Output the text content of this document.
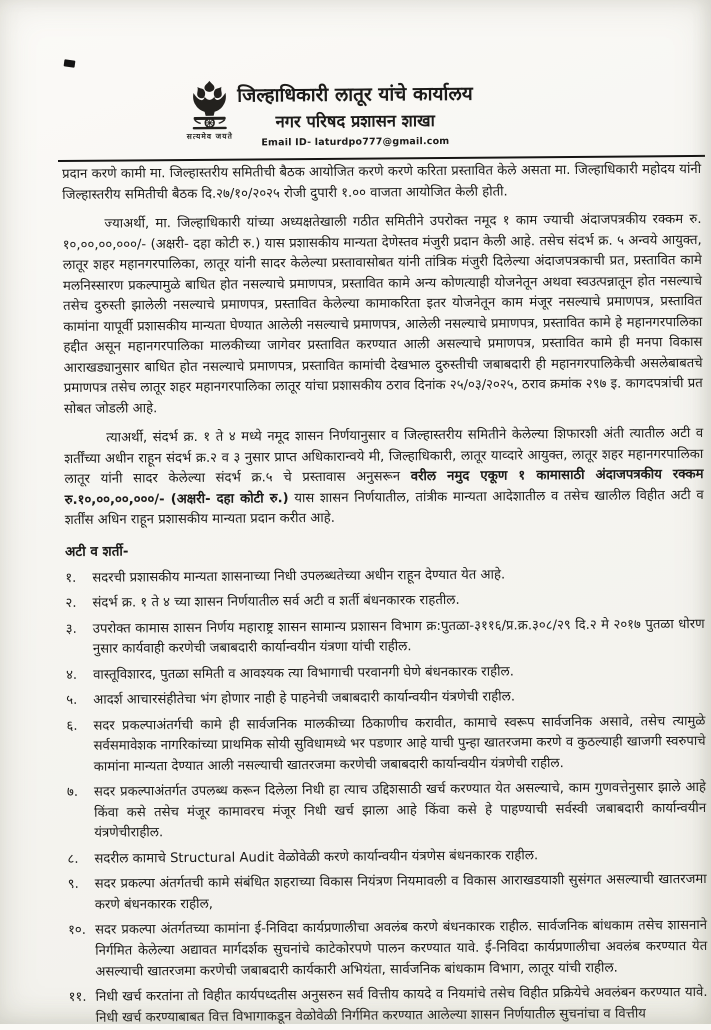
सत्यमेव जयते
जिल्हाधिकारी लातूर यांचे कार्यालय
नगर परिषद प्रशासन शाखा
Email ID- laturdpo777@gmail.com

प्रदान करणे कामी मा. जिल्हास्तरीय समितीची बैठक आयोजित करणे करणे करिता प्रस्तावित केले असता मा. जिल्हाधिकारी महोदय यांनी जिल्हास्तरीय समितीची बैठक दि.२७/१०/२०२५ रोजी दुपारी १.०० वाजता आयोजित केली होती.

ज्याअर्थी, मा. जिल्हाधिकारी यांच्या अध्यक्षतेखाली गठीत समितीने उपरोक्त नमूद १ काम ज्याची अंदाजपत्रकीय रक्कम रु. १०,००,००,०००/- (अक्षरी- दहा कोटी रु.) यास प्रशासकीय मान्यता देणेस्तव मंजुरी प्रदान केली आहे. तसेच संदर्भ क्र. ५ अन्वये आयुक्त, लातूर शहर महानगरपालिका, लातूर यांनी सादर केलेल्या प्रस्तावासोबत यांनी तांत्रिक मंजुरी दिलेल्या अंदाजपत्रकाची प्रत, प्रस्तावित कामे मलनिस्सारण प्रकल्पामुळे बाधित होत नसल्याचे प्रमाणपत्र, प्रस्तावित कामे अन्य कोणत्याही योजनेतून अथवा स्वउत्पन्नातून होत नसल्याचे तसेच दुरुस्ती झालेली नसल्याचे प्रमाणपत्र, प्रस्तावित केलेल्या कामाकरिता इतर योजनेतून काम मंजूर नसल्याचे प्रमाणपत्र, प्रस्तावित कामांना यापूर्वी प्रशासकीय मान्यता घेण्यात आलेली नसल्याचे प्रमाणपत्र, आलेली नसल्याचे प्रमाणपत्र, प्रस्तावित कामे हे महानगरपालिका हद्दीत असून महानगरपालिका मालकीच्या जागेवर प्रस्तावित करण्यात आली असल्याचे प्रमाणपत्र, प्रस्तावित कामे ही मनपा विकास आराखड्यानुसार बाधित होत नसल्याचे प्रमाणपत्र, प्रस्तावित कामांची देखभाल दुरुस्तीची जबाबदारी ही महानगरपालिकेची असलेबाबतचे प्रमाणपत्र तसेच लातूर शहर महानगरपालिका लातूर यांचा प्रशासकीय ठराव दिनांक २५/०३/२०२५, ठराव क्रमांक २९७ इ. कागदपत्रांची प्रत सोबत जोडली आहे.

त्याअर्थी, संदर्भ क्र. १ ते ४ मध्ये नमूद शासन निर्णयानुसार व जिल्हास्तरीय समितीने केलेल्या शिफारशी अंती त्यातील अटी व शर्तींच्या अधीन राहून संदर्भ क्र.२ व ३ नुसार प्राप्त अधिकारान्वये मी, जिल्हाधिकारी, लातूर याव्दारे आयुक्त, लातूर शहर महानगरपालिका लातूर यांनी सादर केलेल्या संदर्भ क्र.५ चे प्रस्तावास अनुसरून वरील नमुद एकूण १ कामासाठी अंदाजपत्रकीय रक्कम रु.१०,००,००,०००/- (अक्षरी- दहा कोटी रु.) यास शासन निर्णयातील, तांत्रीक मान्यता आदेशातील व तसेच खालील विहीत अटी व शर्तींस अधिन राहून प्रशासकीय मान्यता प्रदान करीत आहे.

अटी व शर्ती-
१.	सदरची प्रशासकीय मान्यता शासनाच्या निधी उपलब्धतेच्या अधीन राहून देण्यात येत आहे.
२.	संदर्भ क्र. १ ते ४ च्या शासन निर्णयातील सर्व अटी व शर्ती बंधनकारक राहतील.
३.	उपरोक्त कामास शासन निर्णय महाराष्ट्र शासन सामान्य प्रशासन विभाग क्र:पुतळा-३११६/प्र.क्र.३०८/२९ दि.२ मे २०१७ पुतळा धोरण नुसार कार्यवाही करणेची जबाबदारी कार्यान्वयीन यंत्रणा यांची राहील.
४.	वास्तूविशारद, पुतळा समिती व आवश्यक त्या विभागाची परवानगी घेणे बंधनकारक राहील.
५.	आदर्श आचारसंहीतेचा भंग होणार नाही हे पाहनेची जबाबदारी कार्यान्वयीन यंत्रणेची राहील.
६.	सदर प्रकल्पाअंतर्गची कामे ही सार्वजनिक मालकीच्या ठिकाणीच करावीत, कामाचे स्वरूप सार्वजनिक असावे, तसेच त्यामुळे सर्वसमावेशक नागरिकांच्या प्राथमिक सोयी सुविधामध्ये भर पडणार आहे याची पुन्हा खातरजमा करणे व कुठल्याही खाजगी स्वरुपाचे कामांना मान्यता देण्यात आली नसल्याची खातरजमा करणेची जबाबदारी कार्यान्वयीन यंत्रणेची राहील.
७.	सदर प्रकल्पाअंतर्गत उपलब्ध करून दिलेला निधी हा त्याच उद्दिशसाठी खर्च करण्यात येत असल्याचे, काम गुणवत्तेनुसार झाले आहे किंवा कसे तसेच मंजूर कामावरच मंजूर निधी खर्च झाला आहे किंवा कसे हे पाहण्याची सर्वस्वी जबाबदारी कार्यान्वयीन यंत्रणेचीराहील.
८.	सदरील कामाचे Structural Audit वेळोवेळी करणे कार्यान्वयीन यंत्रणेस बंधनकारक राहील.
९.	सदर प्रकल्पा अंतर्गतची कामे संबंधित शहराच्या विकास नियंत्रण नियमावली व विकास आराखडयाशी सुसंगत असल्याची खातरजमा करणे बंधनकारक राहील,
१०. सदर प्रकल्पा अंतर्गतच्या कामांना ई-निविदा कार्यप्रणालीचा अवलंब करणे बंधनकारक राहील. सार्वजनिक बांधकाम तसेच शासनाने निर्गमित केलेल्या अद्यावत मार्गदर्शक सुचनांचे काटेकोरपणे पालन करण्यात यावे. ई-निविदा कार्यप्रणालीचा अवलंब करण्यात येत असल्याची खातरजमा करणेची जबाबदारी कार्यकारी अभियंता, सार्वजनिक बांधकाम विभाग, लातूर यांची राहील.
११. निधी खर्च करतांना तो विहीत कार्यपध्दतीस अनुसरुन सर्व वित्तीय कायदे व नियमांचे तसेच विहीत प्रक्रियेचे अवलंबन करण्यात यावे. निधी खर्च करण्याबाबत वित्त विभागाकडून वेळोवेळी निर्गमित करण्यात आलेल्या शासन निर्णयातील सुचनांचा व वित्तीय
